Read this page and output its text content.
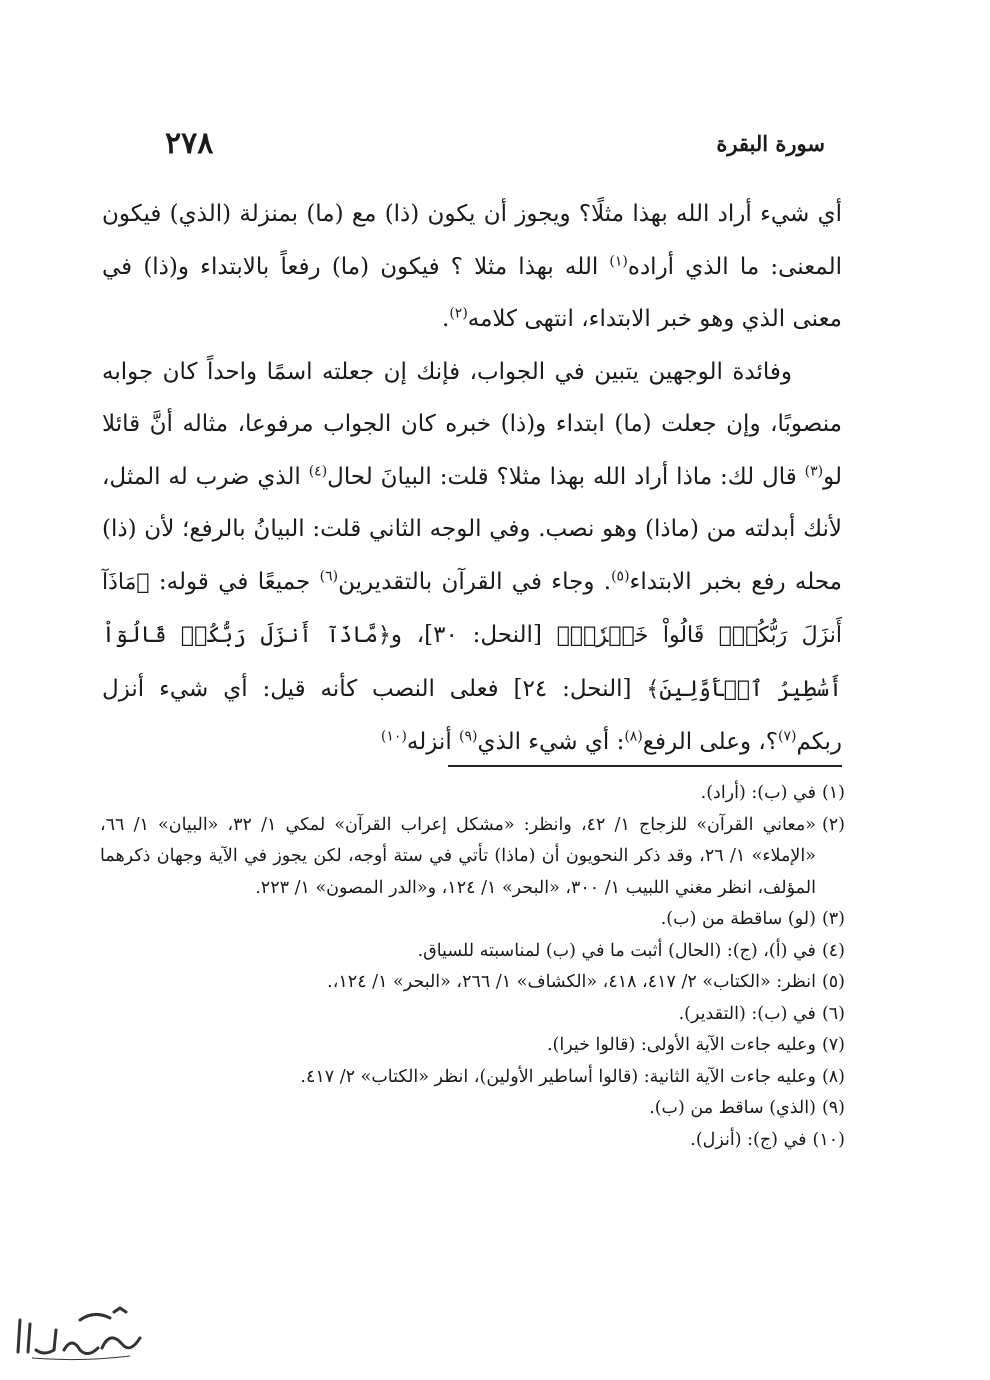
٢٧٨	سورة البقرة

أي شيء أراد الله بهذا مثلًا؟ ويجوز أن يكون (ذا) مع (ما) بمنزلة (الذي) فيكون المعنى: ما الذي أراده$^{(١)}$ الله بهذا مثلا ؟ فيكون (ما) رفعاً بالابتداء و(ذا) في معنى الذي وهو خبر الابتداء، انتهى كلامه$^{(٢)}$.

وفائدة الوجهين يتبين في الجواب، فإنك إن جعلته اسمًا واحداً كان جوابه منصوبًا، وإن جعلت (ما) ابتداء و(ذا) خبره كان الجواب مرفوعا، مثاله أنَّ قائلا لو$^{(٣)}$ قال لك: ماذا أراد الله بهذا مثلا؟ قلت: البيانَ لحال$^{(٤)}$ الذي ضرب له المثل، لأنك أبدلته من (ماذا) وهو نصب. وفي الوجه الثاني قلت: البيانُ بالرفع؛ لأن (ذا) محله رفع بخبر الابتداء$^{(٥)}$. وجاء في القرآن بالتقديرين$^{(٦)}$ جميعًا في قوله: ﴿مَاذَآ أَنزَلَ رَبُّكُمْۚ قَالُواْ خَيۡرٗاۗ﴾ [النحل: ٣٠]، و﴿مَّاذَآ أَنزَلَ رَبُّكُمۡ قَالُوٓاْ أَسَٰطِيرُ ٱلۡأَوَّلِينَ﴾ [النحل: ٢٤] فعلى النصب كأنه قيل: أي شيء أنزل ربكم$^{(٧)}$؟، وعلى الرفع$^{(٨)}$: أي شيء الذي$^{(٩)}$ أنزله$^{(١٠)}$

(١)
في (ب): (أراد).
(٢)
«معاني القرآن» للزجاج ١/ ٤٢، وانظر: «مشكل إعراب القرآن» لمكي ١/ ٣٢، «البيان» ١/ ٦٦، «الإملاء» ١/ ٢٦، وقد ذكر النحويون أن (ماذا) تأتي في ستة أوجه، لكن يجوز في الآية وجهان ذكرهما المؤلف، انظر مغني اللبيب ١/ ٣٠٠، «البحر» ١/ ١٢٤، و«الدر المصون» ١/ ٢٢٣.
(٣)
(لو) ساقطة من (ب).
(٤)
في (أ)، (ج): (الحال) أثبت ما في (ب) لمناسبته للسياق.
(٥)
انظر: «الكتاب» ٢/ ٤١٧، ٤١٨، «الكشاف» ١/ ٢٦٦، «البحر» ١/ ١٢٤،.
(٦)
في (ب): (التقدير).
(٧)
وعليه جاءت الآية الأولى: (قالوا خيرا).
(٨)
وعليه جاءت الآية الثانية: (قالوا أساطير الأولين)، انظر «الكتاب» ٢/ ٤١٧.
(٩)
(الذي) ساقط من (ب).
(١٠)
في (ج): (أنزل).
